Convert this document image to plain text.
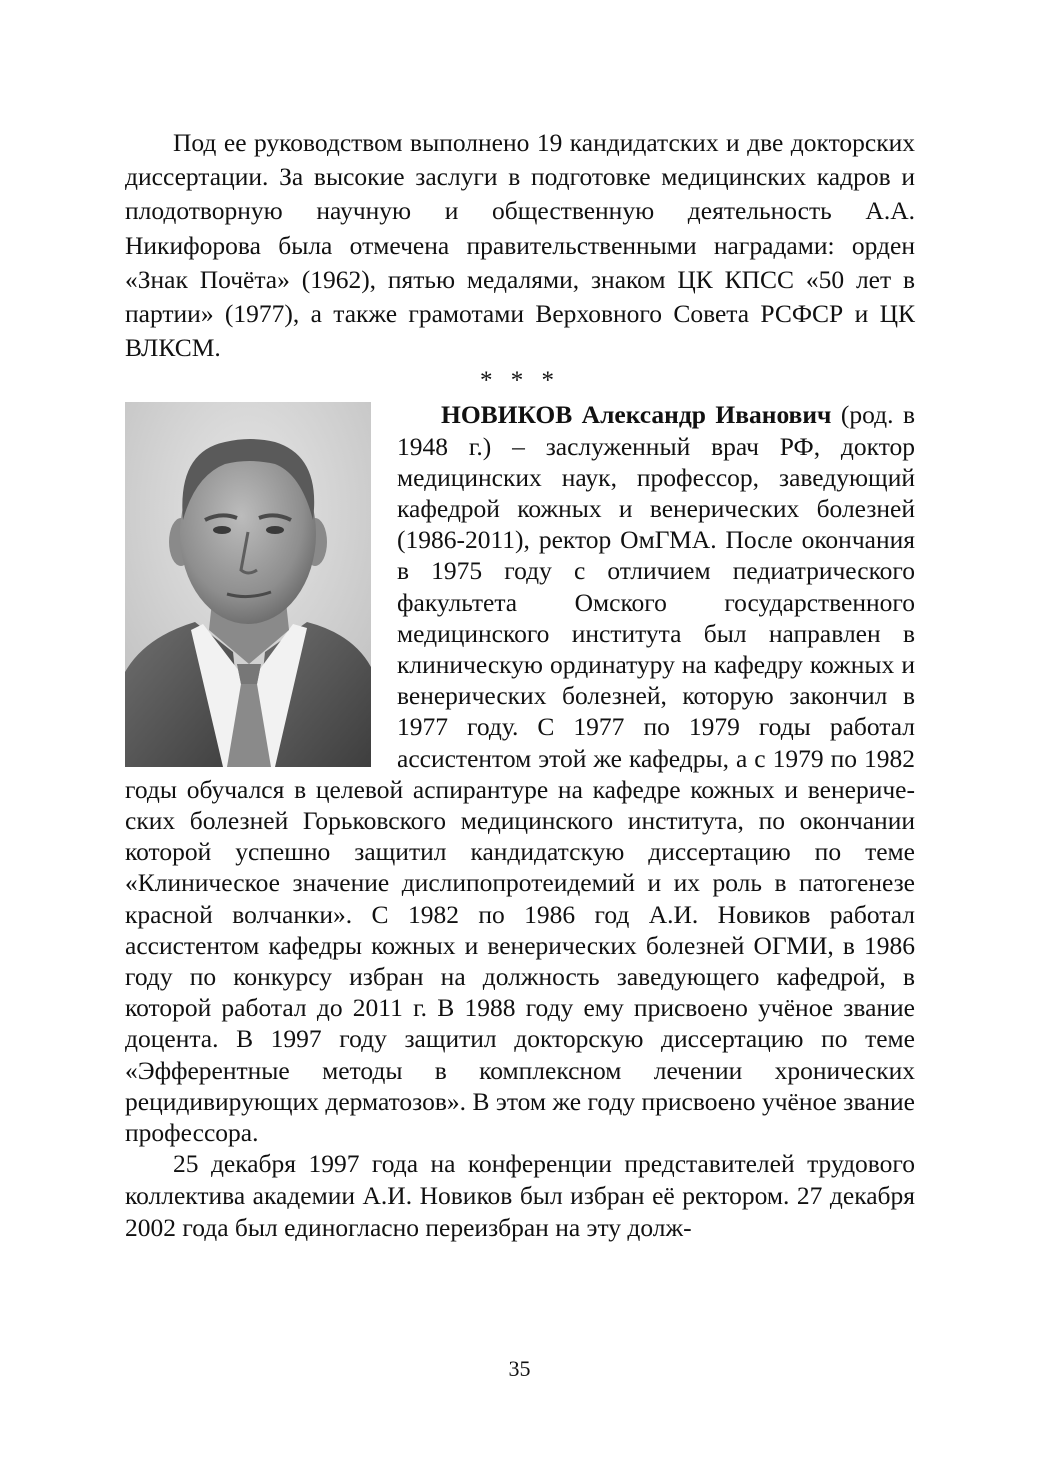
Под ее руководством выполнено 19 кандидатских и две докторских диссертации. За высокие заслуги в подготовке медицинских кадров и плодотворную научную и общественную деятельность А.А. Никифорова была отмечена правительственными наградами: орден «Знак Почёта» (1962), пятью медалями, знаком ЦК КПСС «50 лет в партии» (1977), а также грамотами Верховного Совета РСФСР и ЦК ВЛКСМ.

* * *

НОВИКОВ Александр Иванович (род. в 1948 г.) – заслуженный врач РФ, доктор медицинских наук, профессор, заведующий кафедрой кожных и венерических болезней (1986-2011), ректор ОмГМА. После окончания в 1975 году с отличием педиатрического факультета Омского государственного медицинского института был направлен в клиническую ординатуру на кафедру кожных и венерических болезней, которую закончил в 1977 году. С 1977 по 1979 годы работал ассистентом этой же кафедры, а с 1979 по 1982 годы обучался в целевой аспирантуре на кафедре кожных и венерических болезней Горьковского медицинского института, по окончании которой успешно защитил кандидатскую диссертацию по теме «Клиническое значение дислипопротеидемий и их роль в патогенезе красной волчанки». С 1982 по 1986 год А.И. Новиков работал ассистентом кафедры кожных и венерических болезней ОГМИ, в 1986 году по конкурсу избран на должность заведующего кафедрой, в которой работал до 2011 г. В 1988 году ему присвоено учёное звание доцента. В 1997 году защитил докторскую диссертацию по теме «Эфферентные методы в комплексном лечении хронических рецидивирующих дерматозов». В этом же году присвоено учёное звание профессора.

25 декабря 1997 года на конференции представителей трудового коллектива академии А.И. Новиков был избран её ректором. 27 декабря 2002 года был единогласно переизбран на эту долж-

35
